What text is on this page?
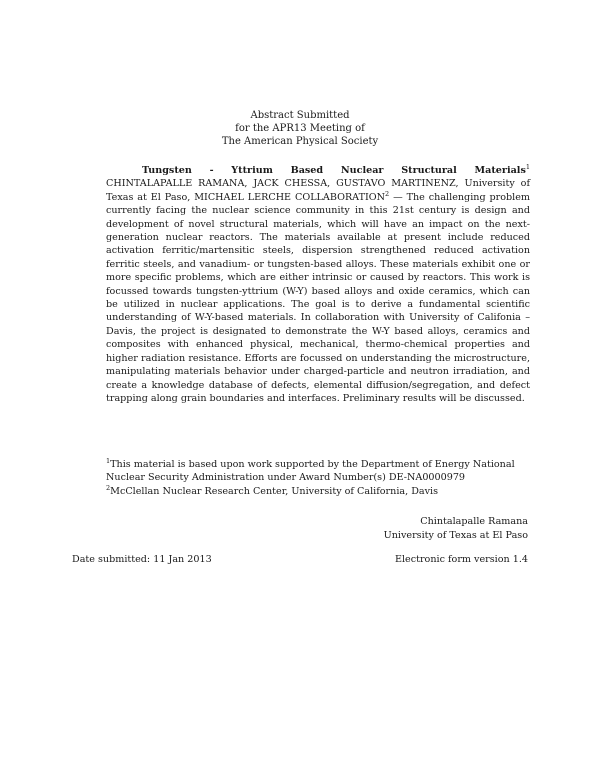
Abstract Submitted
for the APR13 Meeting of
The American Physical Society
Tungsten - Yttrium Based Nuclear Structural Materials$^1$ CHINTALAPALLE RAMANA, JACK CHESSA, GUSTAVO MARTINENZ, University of Texas at El Paso, MICHAEL LERCHE COLLABORATION$^2$ — The challenging problem currently facing the nuclear science community in this 21st century is design and development of novel structural materials, which will have an impact on the next-generation nuclear reactors. The materials available at present include reduced activation ferritic/martensitic steels, dispersion strengthened reduced activation ferritic steels, and vanadium- or tungsten-based alloys. These materials exhibit one or more specific problems, which are either intrinsic or caused by reactors. This work is focussed towards tungsten-yttrium (W-Y) based alloys and oxide ceramics, which can be utilized in nuclear applications. The goal is to derive a fundamental scientific understanding of W-Y-based materials. In collaboration with University of Califonia – Davis, the project is designated to demonstrate the W-Y based alloys, ceramics and composites with enhanced physical, mechanical, thermo-chemical properties and higher radiation resistance. Efforts are focussed on understanding the microstructure, manipulating materials behavior under charged-particle and neutron irradiation, and create a knowledge database of defects, elemental diffusion/segregation, and defect trapping along grain boundaries and interfaces. Preliminary results will be discussed.

$^1$This material is based upon work supported by the Department of Energy National Nuclear Security Administration under Award Number(s) DE-NA0000979

$^2$McClellan Nuclear Research Center, University of California, Davis

Chintalapalle Ramana
University of Texas at El Paso
Date submitted: 11 Jan 2013	Electronic form version 1.4
